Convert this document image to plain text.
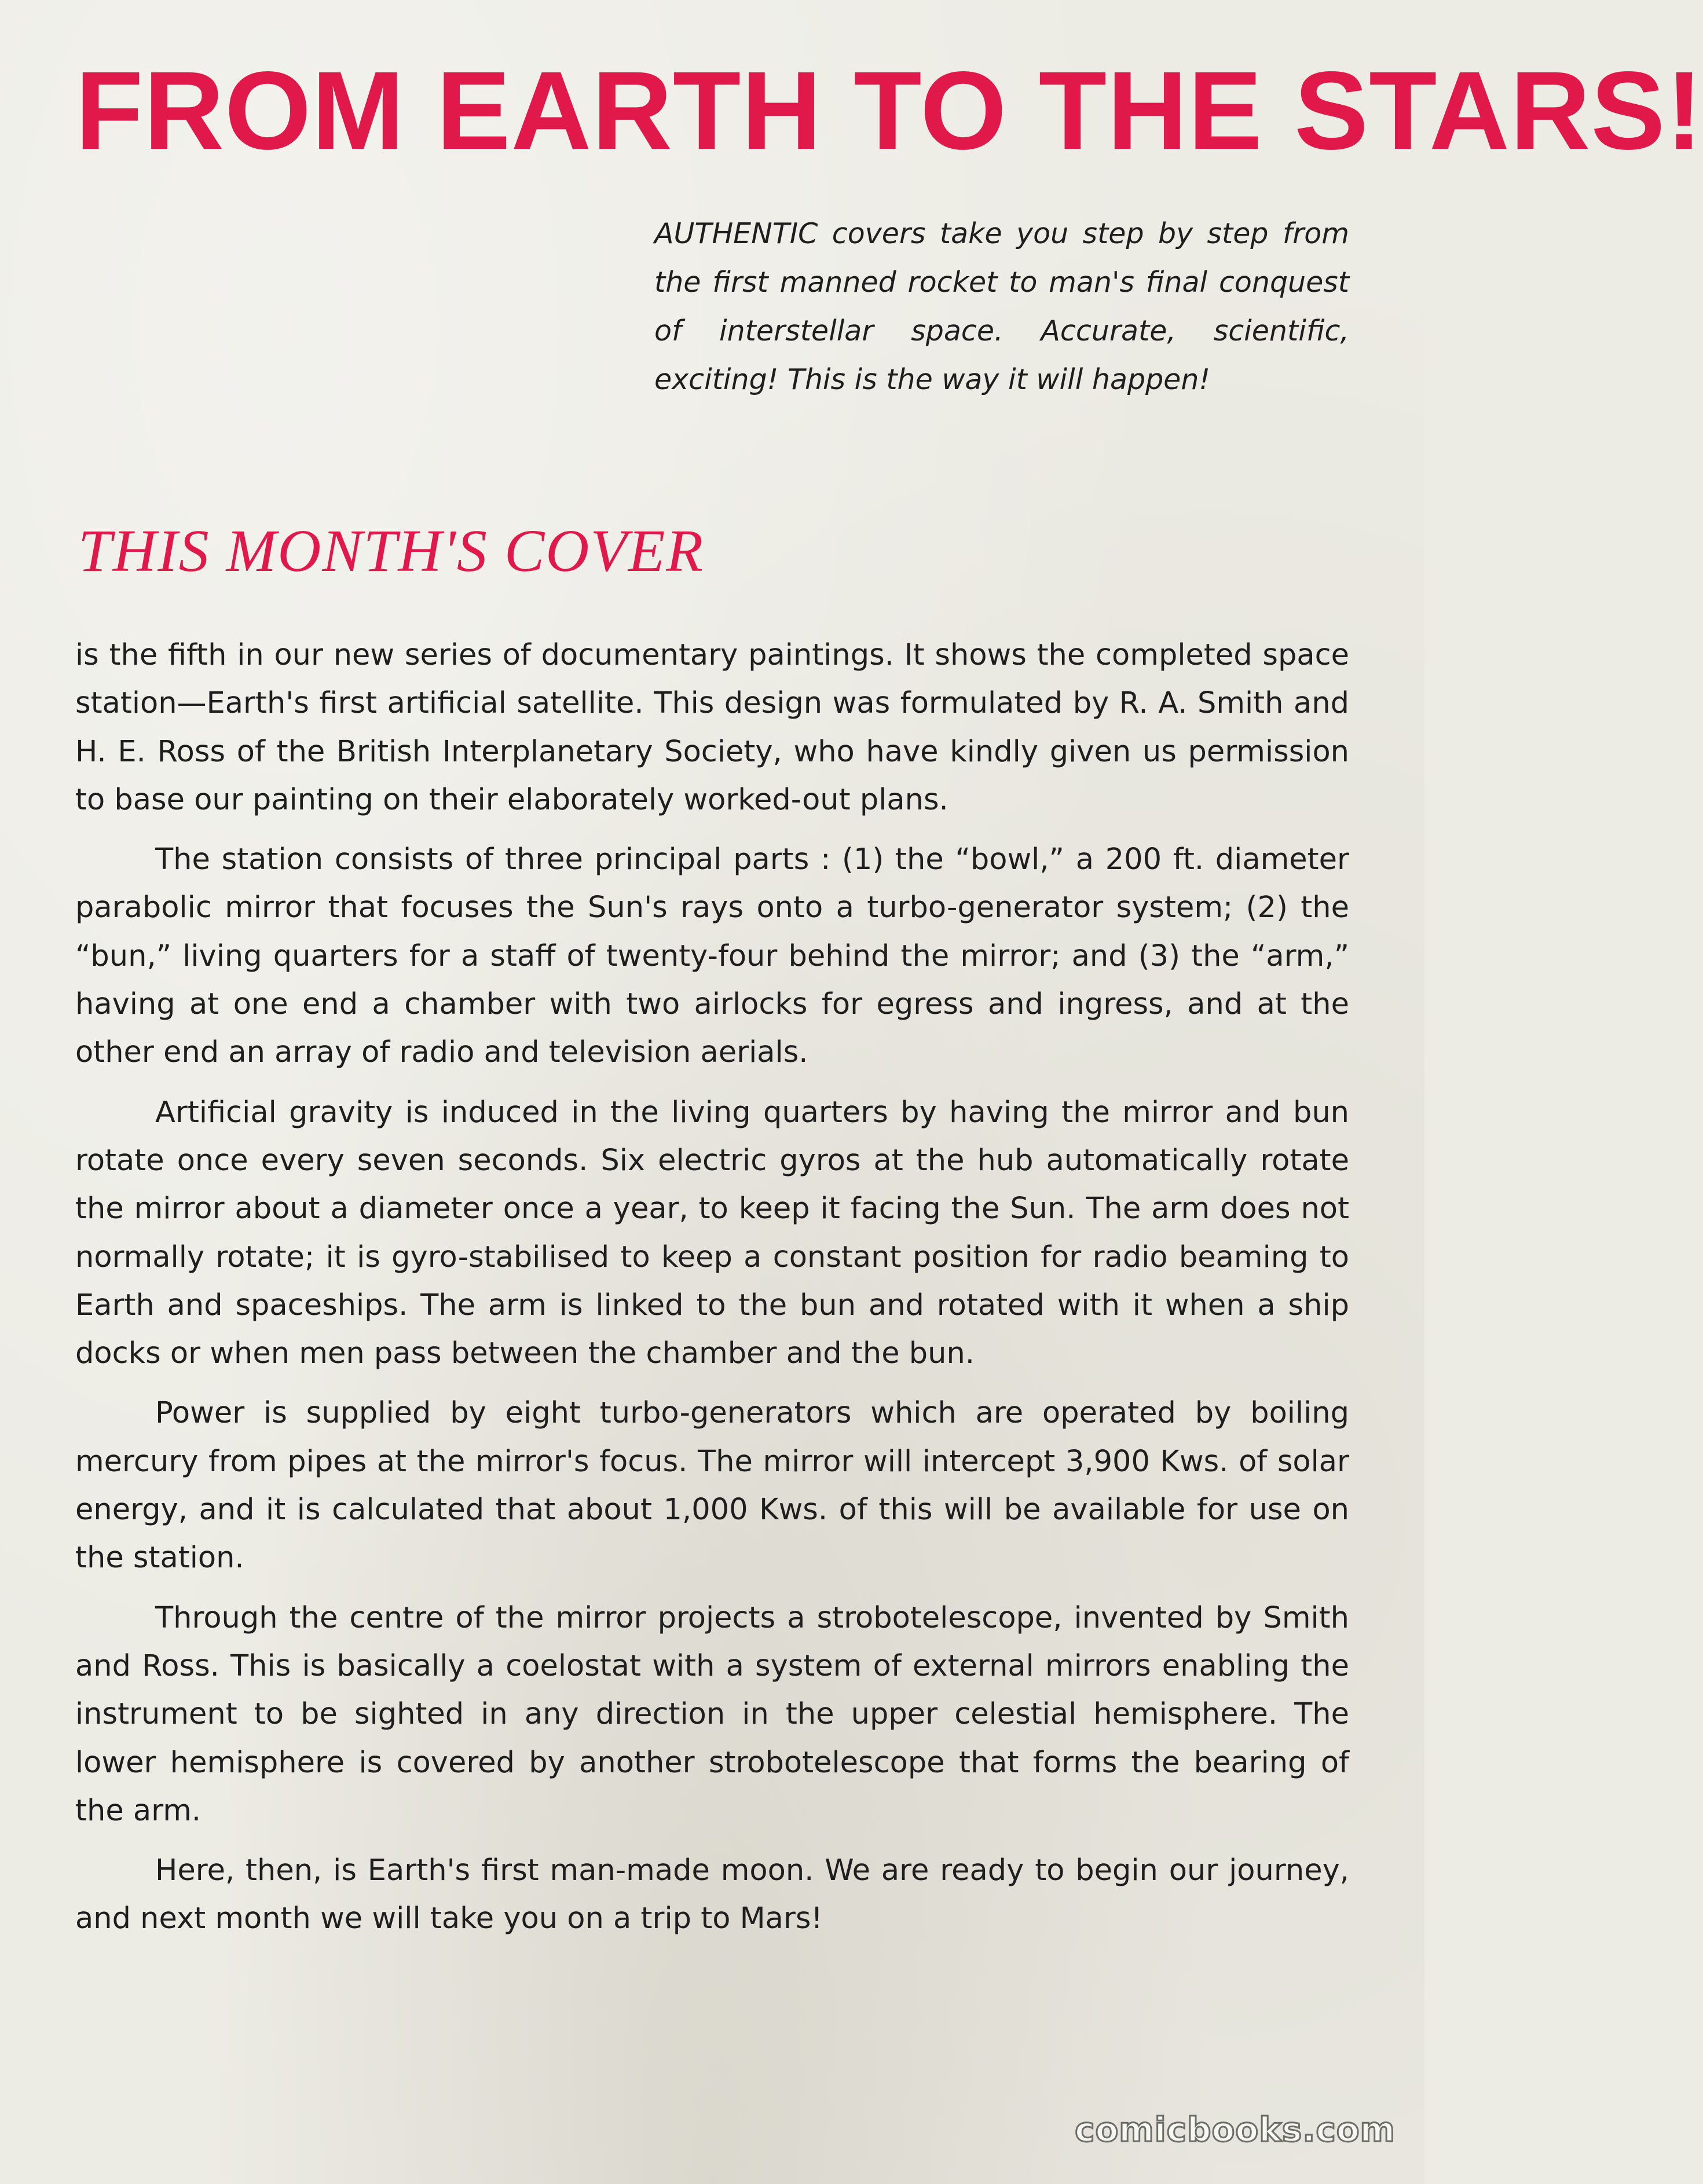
FROM EARTH TO THE STARS!

AUTHENTIC covers take you step by step from the first manned rocket to man's final conquest of interstellar space. Accurate, scientific, exciting! This is the way it will happen!

THIS MONTH'S COVER

is the fifth in our new series of documentary paintings. It shows the completed space station—Earth's first artificial satellite. This design was formulated by R. A. Smith and H. E. Ross of the British Interplanetary Society, who have kindly given us permission to base our painting on their elaborately worked-out plans.

The station consists of three principal parts : (1) the “bowl,” a 200 ft. diameter parabolic mirror that focuses the Sun's rays onto a turbo-generator system; (2) the “bun,” living quarters for a staff of twenty-four behind the mirror; and (3) the “arm,” having at one end a chamber with two airlocks for egress and ingress, and at the other end an array of radio and television aerials.

Artificial gravity is induced in the living quarters by having the mirror and bun rotate once every seven seconds. Six electric gyros at the hub automatically rotate the mirror about a diameter once a year, to keep it facing the Sun. The arm does not normally rotate; it is gyro-stabilised to keep a constant position for radio beaming to Earth and spaceships. The arm is linked to the bun and rotated with it when a ship docks or when men pass between the chamber and the bun.

Power is supplied by eight turbo-generators which are operated by boiling mercury from pipes at the mirror's focus. The mirror will intercept 3,900 Kws. of solar energy, and it is calculated that about 1,000 Kws. of this will be available for use on the station.

Through the centre of the mirror projects a strobotelescope, invented by Smith and Ross. This is basically a coelostat with a system of external mirrors enabling the instrument to be sighted in any direction in the upper celestial hemisphere. The lower hemisphere is covered by another strobotelescope that forms the bearing of the arm.

Here, then, is Earth's first man-made moon. We are ready to begin our journey, and next month we will take you on a trip to Mars!

comicbooks.com
